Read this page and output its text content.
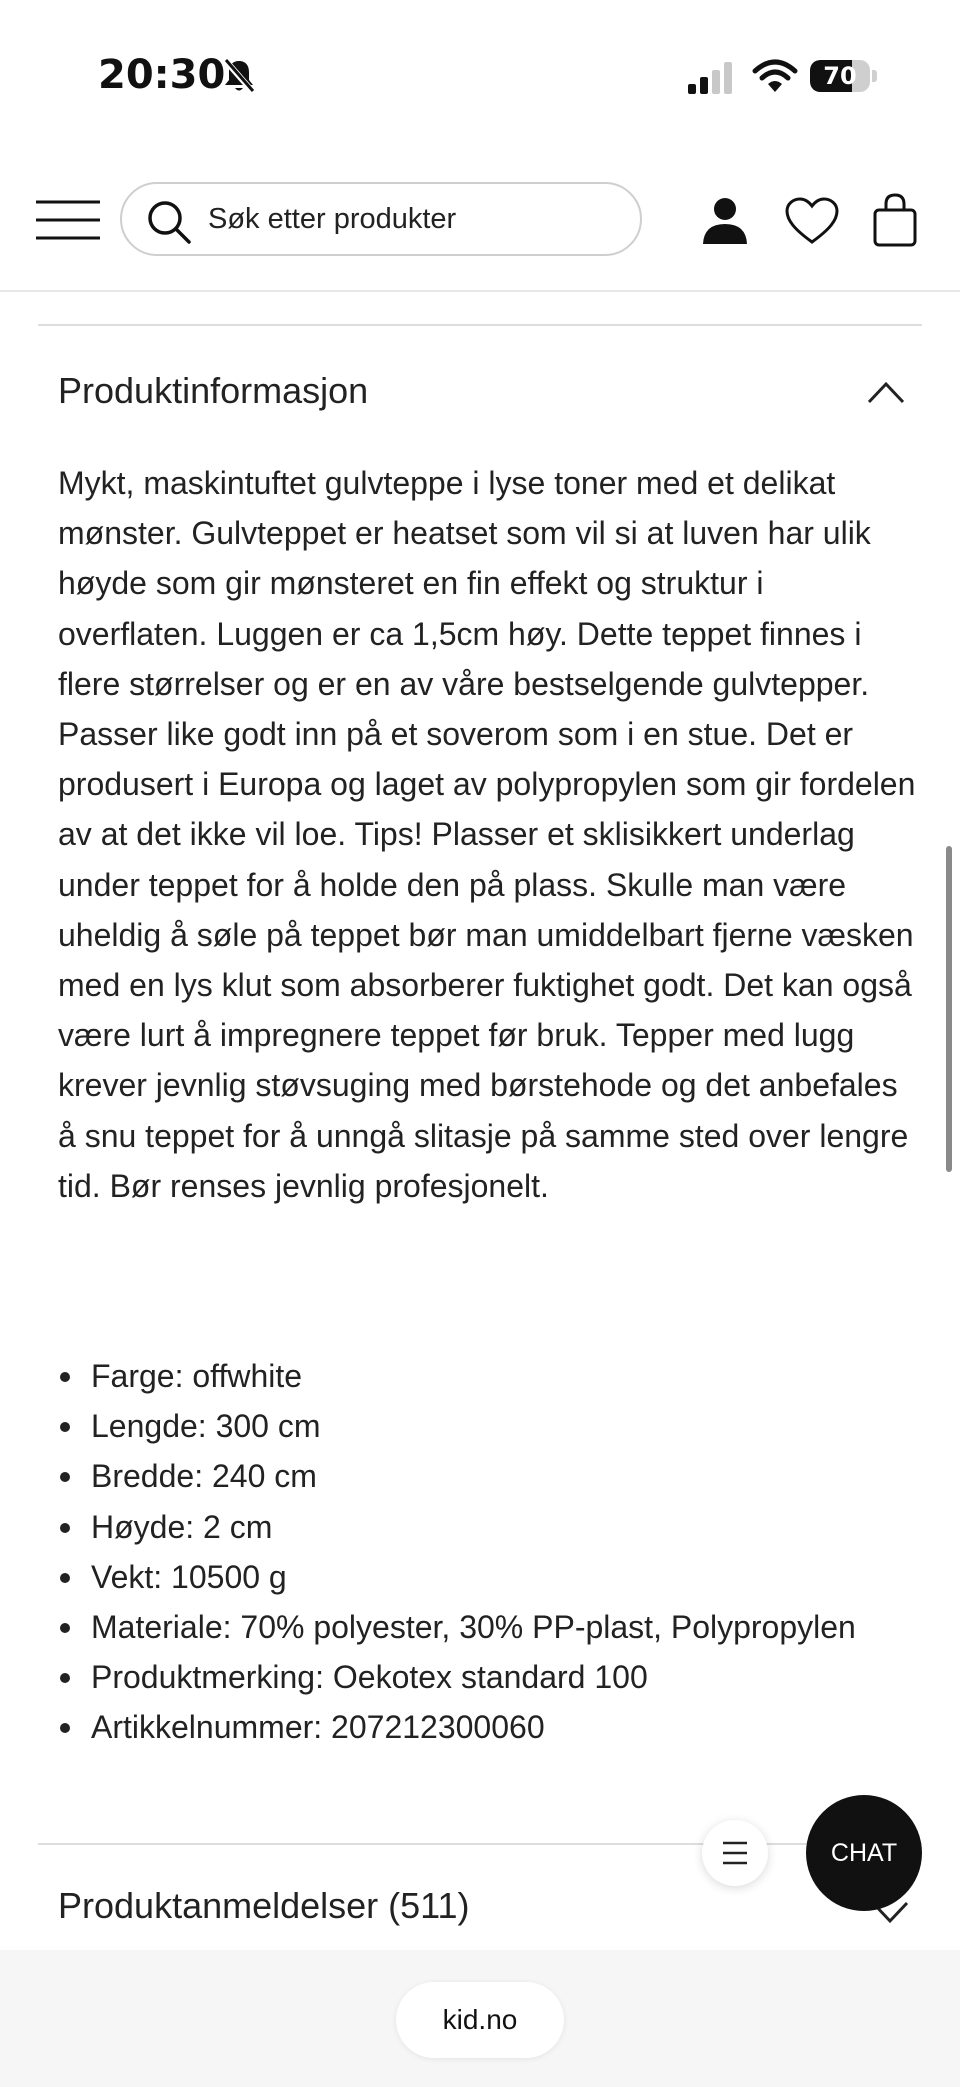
20:30	70
Søk etter produkter
Produktinformasjon

Mykt, maskintuftet gulvteppe i lyse toner med et delikat mønster. Gulvteppet er heatset som vil si at luven har ulik høyde som gir mønsteret en fin effekt og struktur i overflaten. Luggen er ca 1,5cm høy. Dette teppet finnes i flere størrelser og er en av våre bestselgende gulvtepper. Passer like godt inn på et soverom som i en stue. Det er produsert i Europa og laget av polypropylen som gir fordelen av at det ikke vil loe. Tips! Plasser et sklisikkert underlag under teppet for å holde den på plass. Skulle man være uheldig å søle på teppet bør man umiddelbart fjerne væsken med en lys klut som absorberer fuktighet godt. Det kan også være lurt å impregnere teppet før bruk. Tepper med lugg krever jevnlig støvsuging med børstehode og det anbefales å snu teppet for å unngå slitasje på samme sted over lengre tid. Bør renses jevnlig profesjonelt.

Farge: offwhite
Lengde: 300 cm
Bredde: 240 cm
Høyde: 2 cm
Vekt: 10500 g
Materiale: 70% polyester, 30% PP-plast, Polypropylen
Produktmerking: Oekotex standard 100
Artikkelnummer: 207212300060
Produktanmeldelser (511)
CHAT
kid.no
